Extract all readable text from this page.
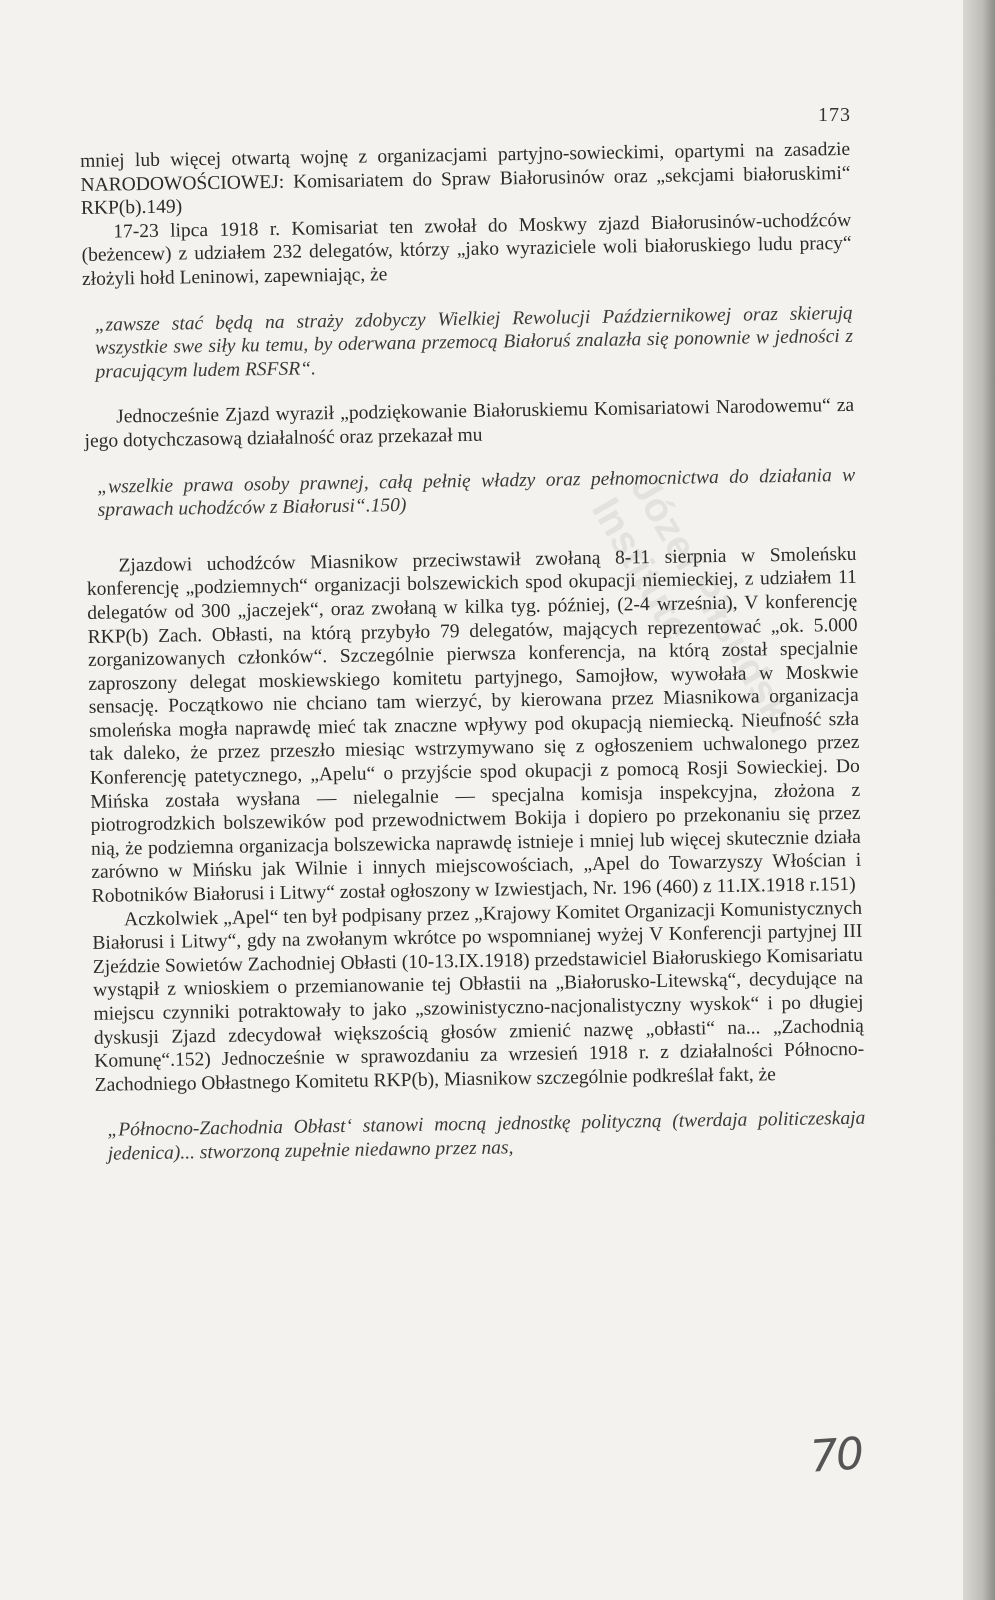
Józef Piłsudski Institute
173

mniej lub więcej otwartą wojnę z organizacjami partyjno-sowieckimi, opartymi na zasadzie NARODOWOŚCIOWEJ: Komisariatem do Spraw Białorusinów oraz „sekcjami białoruskimi“ RKP(b).149)

17-23 lipca 1918 r. Komisariat ten zwołał do Moskwy zjazd Białorusinów-uchodźców (beżencew) z udziałem 232 delegatów, którzy „jako wyraziciele woli białoruskiego ludu pracy“ złożyli hołd Leninowi, zapewniając, że

„zawsze stać będą na straży zdobyczy Wielkiej Rewolucji Październikowej oraz skierują wszystkie swe siły ku temu, by oderwana przemocą Białoruś znalazła się ponownie w jedności z pracującym ludem RSFSR“.

Jednocześnie Zjazd wyraził „podziękowanie Białoruskiemu Komisariatowi Narodowemu“ za jego dotychczasową działalność oraz przekazał mu

„wszelkie prawa osoby prawnej, całą pełnię władzy oraz pełnomocnictwa do działania w sprawach uchodźców z Białorusi“.150)

Zjazdowi uchodźców Miasnikow przeciwstawił zwołaną 8-11 sierpnia w Smoleńsku konferencję „podziemnych“ organizacji bolszewickich spod okupacji niemieckiej, z udziałem 11 delegatów od 300 „jaczejek“, oraz zwołaną w kilka tyg. później, (2-4 września), V konferencję RKP(b) Zach. Obłasti, na którą przybyło 79 delegatów, mających reprezentować „ok. 5.000 zorganizowanych członków“. Szczególnie pierwsza konferencja, na którą został specjalnie zaproszony delegat moskiewskiego komitetu partyjnego, Samojłow, wywołała w Moskwie sensację. Początkowo nie chciano tam wierzyć, by kierowana przez Miasnikowa organizacja smoleńska mogła naprawdę mieć tak znaczne wpływy pod okupacją niemiecką. Nieufność szła tak daleko, że przez przeszło miesiąc wstrzymywano się z ogłoszeniem uchwalonego przez Konferencję patetycznego, „Apelu“ o przyjście spod okupacji z pomocą Rosji Sowieckiej. Do Mińska została wysłana — nielegalnie — specjalna komisja inspekcyjna, złożona z piotrogrodzkich bolszewików pod przewodnictwem Bokija i dopiero po przekonaniu się przez nią, że podziemna organizacja bolszewicka naprawdę istnieje i mniej lub więcej skutecznie działa zarówno w Mińsku jak Wilnie i innych miejscowościach, „Apel do Towarzyszy Włościan i Robotników Białorusi i Litwy“ został ogłoszony w Izwiestjach, Nr. 196 (460) z 11.IX.1918 r.151)

Aczkolwiek „Apel“ ten był podpisany przez „Krajowy Komitet Organizacji Komunistycznych Białorusi i Litwy“, gdy na zwołanym wkrótce po wspomnianej wyżej V Konferencji partyjnej III Zjeździe Sowietów Zachodniej Obłasti (10-13.IX.1918) przedstawiciel Białoruskiego Komisariatu wystąpił z wnioskiem o przemianowanie tej Obłastii na „Białorusko-Litewską“, decydujące na miejscu czynniki potraktowały to jako „szowinistyczno-nacjonalistyczny wyskok“ i po długiej dyskusji Zjazd zdecydował większością głosów zmienić nazwę „obłasti“ na... „Zachodnią Komunę“.152) Jednocześnie w sprawozdaniu za wrzesień 1918 r. z działalności Północno-Zachodniego Obłastnego Komitetu RKP(b), Miasnikow szczególnie podkreślał fakt, że

„Północno-Zachodnia Obłast‘ stanowi mocną jednostkę polityczną (twerdaja politiczeskaja jedenica)... stworzoną zupełnie niedawno przez nas,

70
